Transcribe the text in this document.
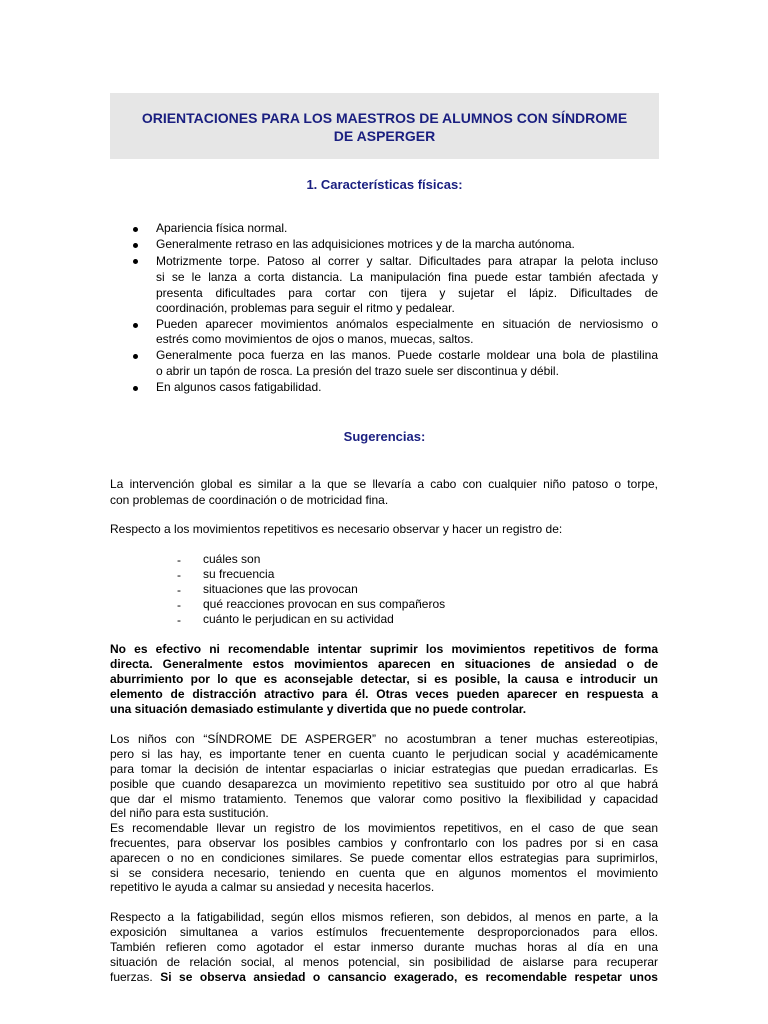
ORIENTACIONES PARA LOS MAESTROS DE ALUMNOS CON SÍNDROME
DE ASPERGER
1. Características físicas:
Apariencia física normal.
Generalmente retraso en las adquisiciones motrices y de la marcha autónoma.
Motrizmente torpe. Patoso al correr y saltar. Dificultades para atrapar la pelota incluso
si se le lanza a corta distancia. La manipulación fina puede estar también afectada y
presenta dificultades para cortar con tijera y sujetar el lápiz. Dificultades de
coordinación, problemas para seguir el ritmo y pedalear.
Pueden aparecer movimientos anómalos especialmente en situación de nerviosismo o
estrés como movimientos de ojos o manos, muecas, saltos.
Generalmente poca fuerza en las manos. Puede costarle moldear una bola de plastilina
o abrir un tapón de rosca. La presión del trazo suele ser discontinua y débil.
En algunos casos fatigabilidad.
Sugerencias:
La intervención global es similar a la que se llevaría a cabo con cualquier niño patoso o torpe,
con problemas de coordinación o de motricidad fina.
Respecto a los movimientos repetitivos es necesario observar y hacer un registro de:
- cuáles son
- su frecuencia
- situaciones que las provocan
- qué reacciones provocan en sus compañeros
- cuánto le perjudican en su actividad
No es efectivo ni recomendable intentar suprimir los movimientos repetitivos de forma
directa. Generalmente estos movimientos aparecen en situaciones de ansiedad o de
aburrimiento por lo que es aconsejable detectar, si es posible, la causa e introducir un
elemento de distracción atractivo para él. Otras veces pueden aparecer en respuesta a
una situación demasiado estimulante y divertida que no puede controlar.
Los niños con “SÍNDROME DE ASPERGER” no acostumbran a tener muchas estereotipias,
pero si las hay, es importante tener en cuenta cuanto le perjudican social y académicamente
para tomar la decisión de intentar espaciarlas o iniciar estrategias que puedan erradicarlas. Es
posible que cuando desaparezca un movimiento repetitivo sea sustituido por otro al que habrá
que dar el mismo tratamiento. Tenemos que valorar como positivo la flexibilidad y capacidad
del niño para esta sustitución.
Es recomendable llevar un registro de los movimientos repetitivos, en el caso de que sean
frecuentes, para observar los posibles cambios y confrontarlo con los padres por si en casa
aparecen o no en condiciones similares. Se puede comentar ellos estrategias para suprimirlos,
si se considera necesario, teniendo en cuenta que en algunos momentos el movimiento
repetitivo le ayuda a calmar su ansiedad y necesita hacerlos.
Respecto a la fatigabilidad, según ellos mismos refieren, son debidos, al menos en parte, a la
exposición simultanea a varios estímulos frecuentemente desproporcionados para ellos.
También refieren como agotador el estar inmerso durante muchas horas al día en una
situación de relación social, al menos potencial, sin posibilidad de aislarse para recuperar
fuerzas. Si se observa ansiedad o cansancio exagerado, es recomendable respetar unos
